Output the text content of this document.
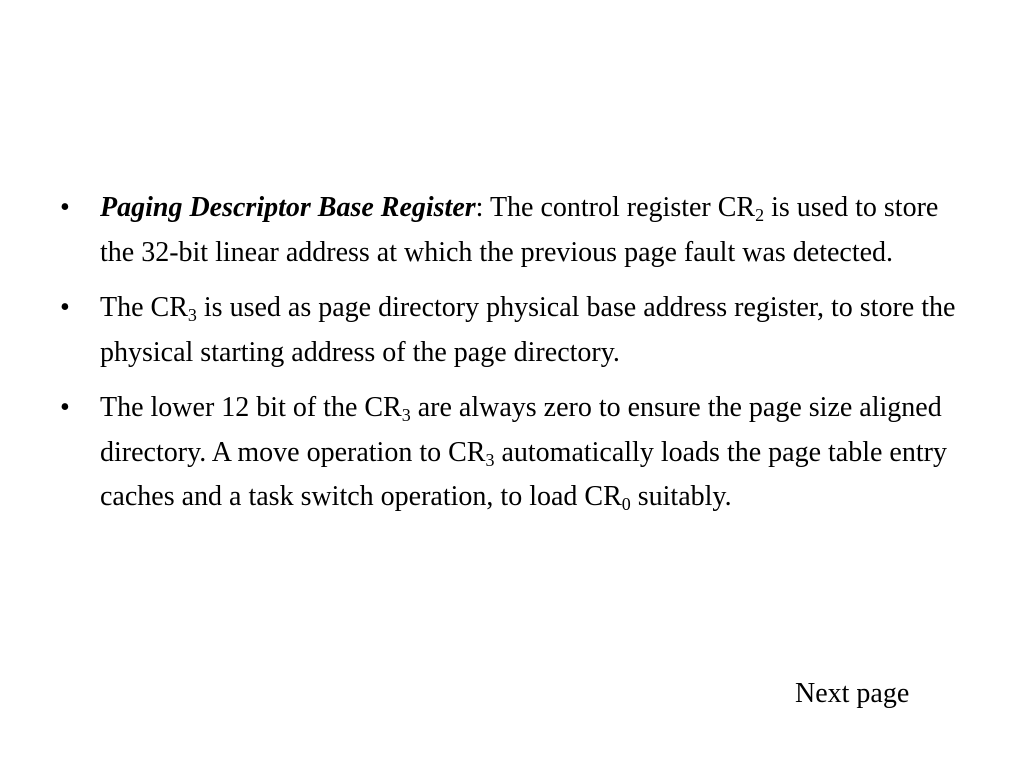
• Paging Descriptor Base Register: The control register $CR_2$ is used to store the 32-bit linear address at which the previous page fault was detected.
• The $CR_3$ is used as page directory physical base address register, to store the physical starting address of the page directory.
• The lower 12 bit of the $CR_3$ are always zero to ensure the page size aligned directory. A move operation to $CR_3$ automatically loads the page table entry caches and a task switch operation, to load $CR_0$ suitably.
Next page
